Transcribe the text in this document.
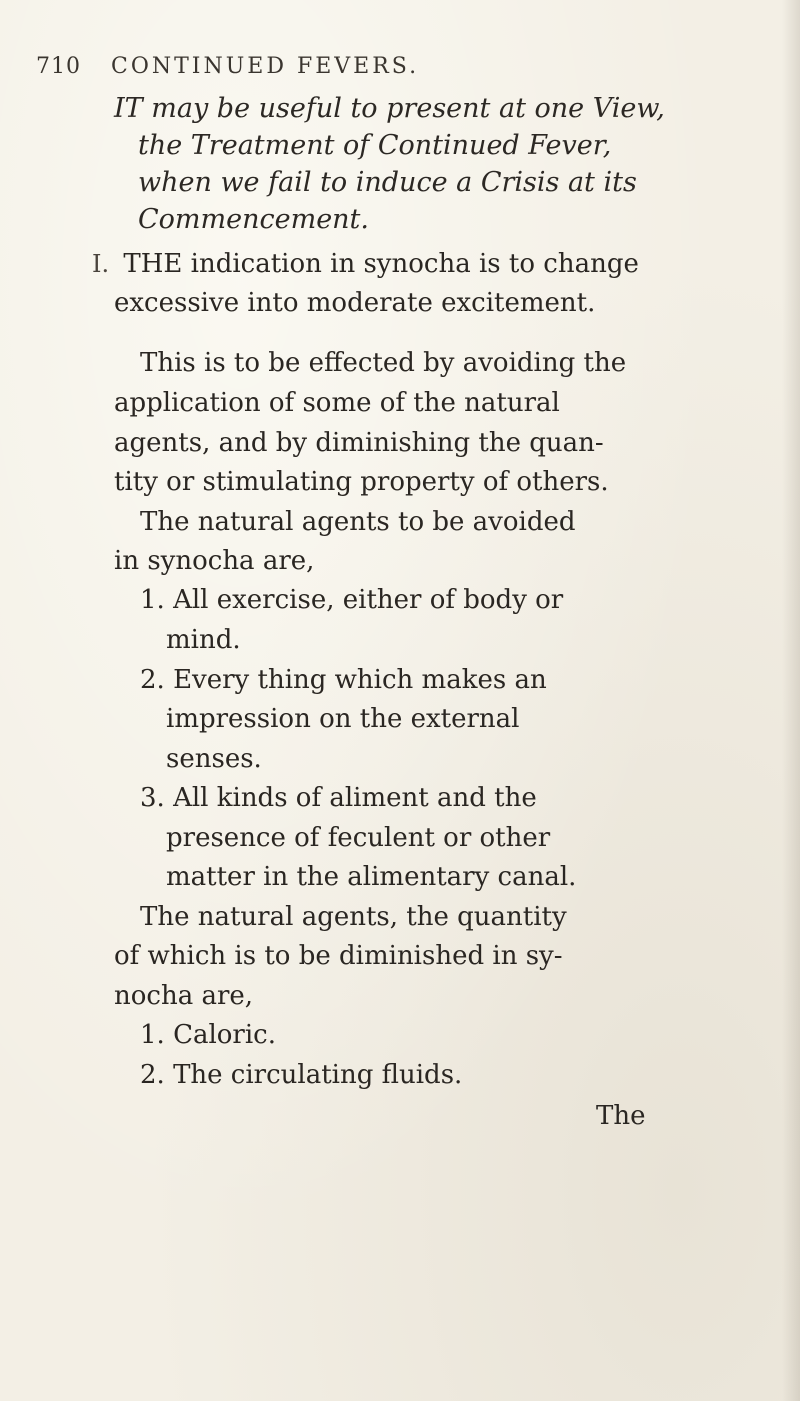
710 CONTINUED FEVERS.
IT may be useful to present at one View,
the Treatment of Continued Fever,
when we fail to induce a Crisis at its
Commencement.
I. THE indication in synocha is to change
excessive into moderate excitement.
This is to be effected by avoiding the
application of some of the natural
agents, and by diminishing the quan-
tity or stimulating property of others.
The natural agents to be avoided
in synocha are,
1. All exercise, either of body or
mind.
2. Every thing which makes an
impression on the external
senses.
3. All kinds of aliment and the
presence of feculent or other
matter in the alimentary canal.
The natural agents, the quantity
of which is to be diminished in sy-
nocha are,
1. Caloric.
2. The circulating fluids.
The
